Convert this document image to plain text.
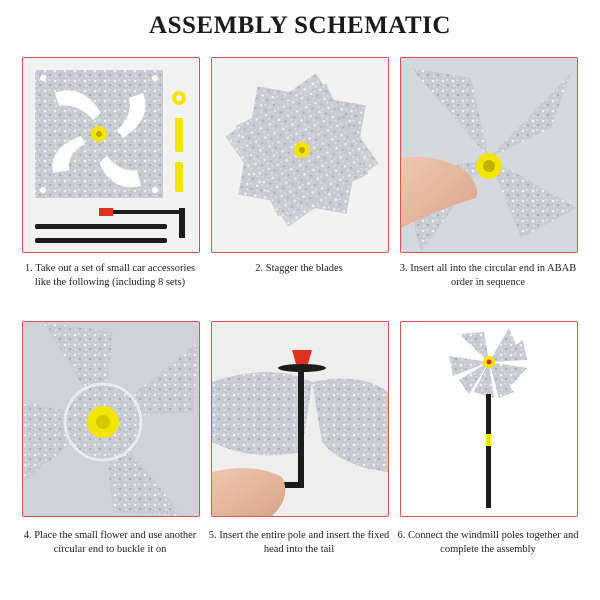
ASSEMBLY SCHEMATIC
1. Take out a set of small car accessories like the following (including 8 sets)
2. Stagger the blades	3. Insert all into the circular end in ABAB order in sequence
4. Place the small flower and use another circular end to buckle it on
5. Insert the entire pole and insert the fixed head into the tail
6. Connect the windmill poles together and complete the assembly
